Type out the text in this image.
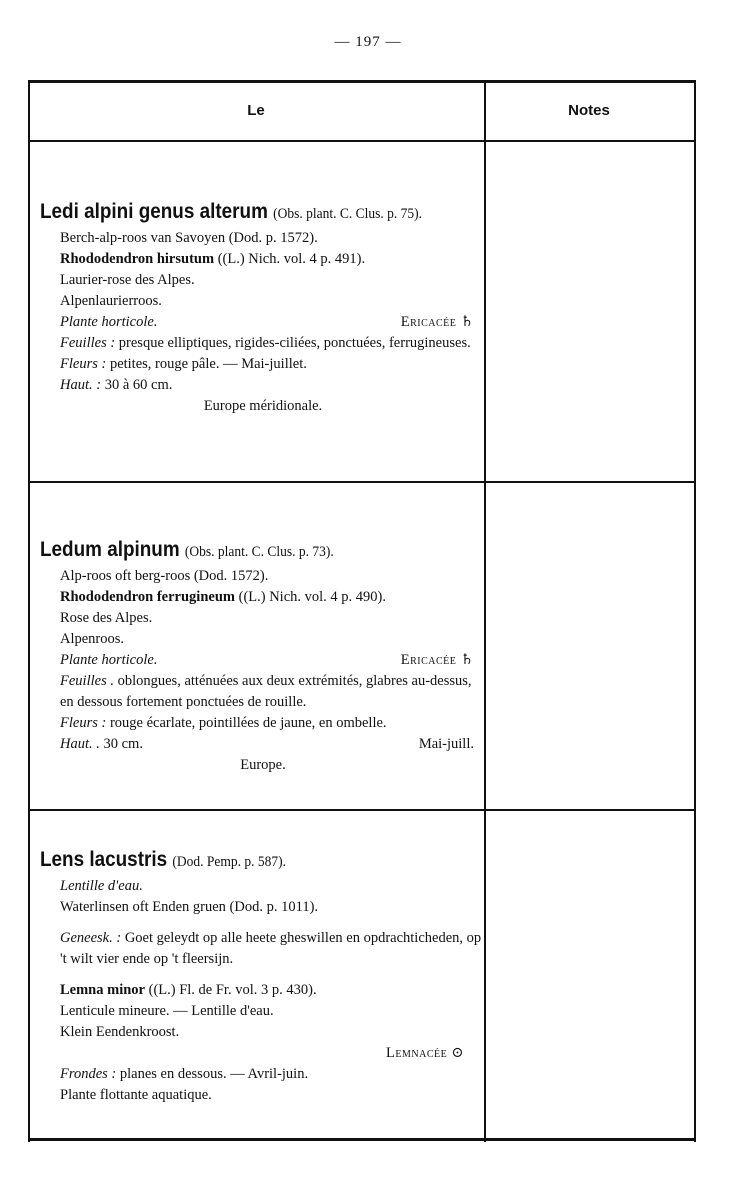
— 197 —
Le	Notes

Ledi alpini genus alterum (Obs. plant. C. Clus. p. 75).

Berch-alp-roos van Savoyen (Dod. p. 1572).

Rhododendron hirsutum ((L.) Nich. vol. 4 p. 491).

Laurier-rose des Alpes.

Alpenlaurierroos.

Plante horticole.	Ericacée ♄

Feuilles : presque elliptiques, rigides-ciliées, ponctuées, ferrugineuses.

Fleurs : petites, rouge pâle. — Mai-juillet.

Haut. : 30 à 60 cm.

Europe méridionale.

Ledum alpinum (Obs. plant. C. Clus. p. 73).

Alp-roos oft berg-roos (Dod. 1572).

Rhododendron ferrugineum ((L.) Nich. vol. 4 p. 490).

Rose des Alpes.

Alpenroos.

Plante horticole.	Ericacée ♄

Feuilles . oblongues, atténuées aux deux extrémités, glabres au-dessus, en dessous fortement ponctuées de rouille.

Fleurs : rouge écarlate, pointillées de jaune, en ombelle.

Haut. . 30 cm.	Mai-juill.

Europe.

Lens lacustris (Dod. Pemp. p. 587).

Lentille d'eau.

Waterlinsen oft Enden gruen (Dod. p. 1011).

Geneesk. : Goet geleydt op alle heete gheswillen en opdrachticheden, op 't wilt vier ende op 't fleersijn.

Lemna minor ((L.) Fl. de Fr. vol. 3 p. 430).

Lenticule mineure. — Lentille d'eau.

Klein Eendenkroost.

Lemnacée ⊙

Frondes : planes en dessous. — Avril-juin.

Plante flottante aquatique.
